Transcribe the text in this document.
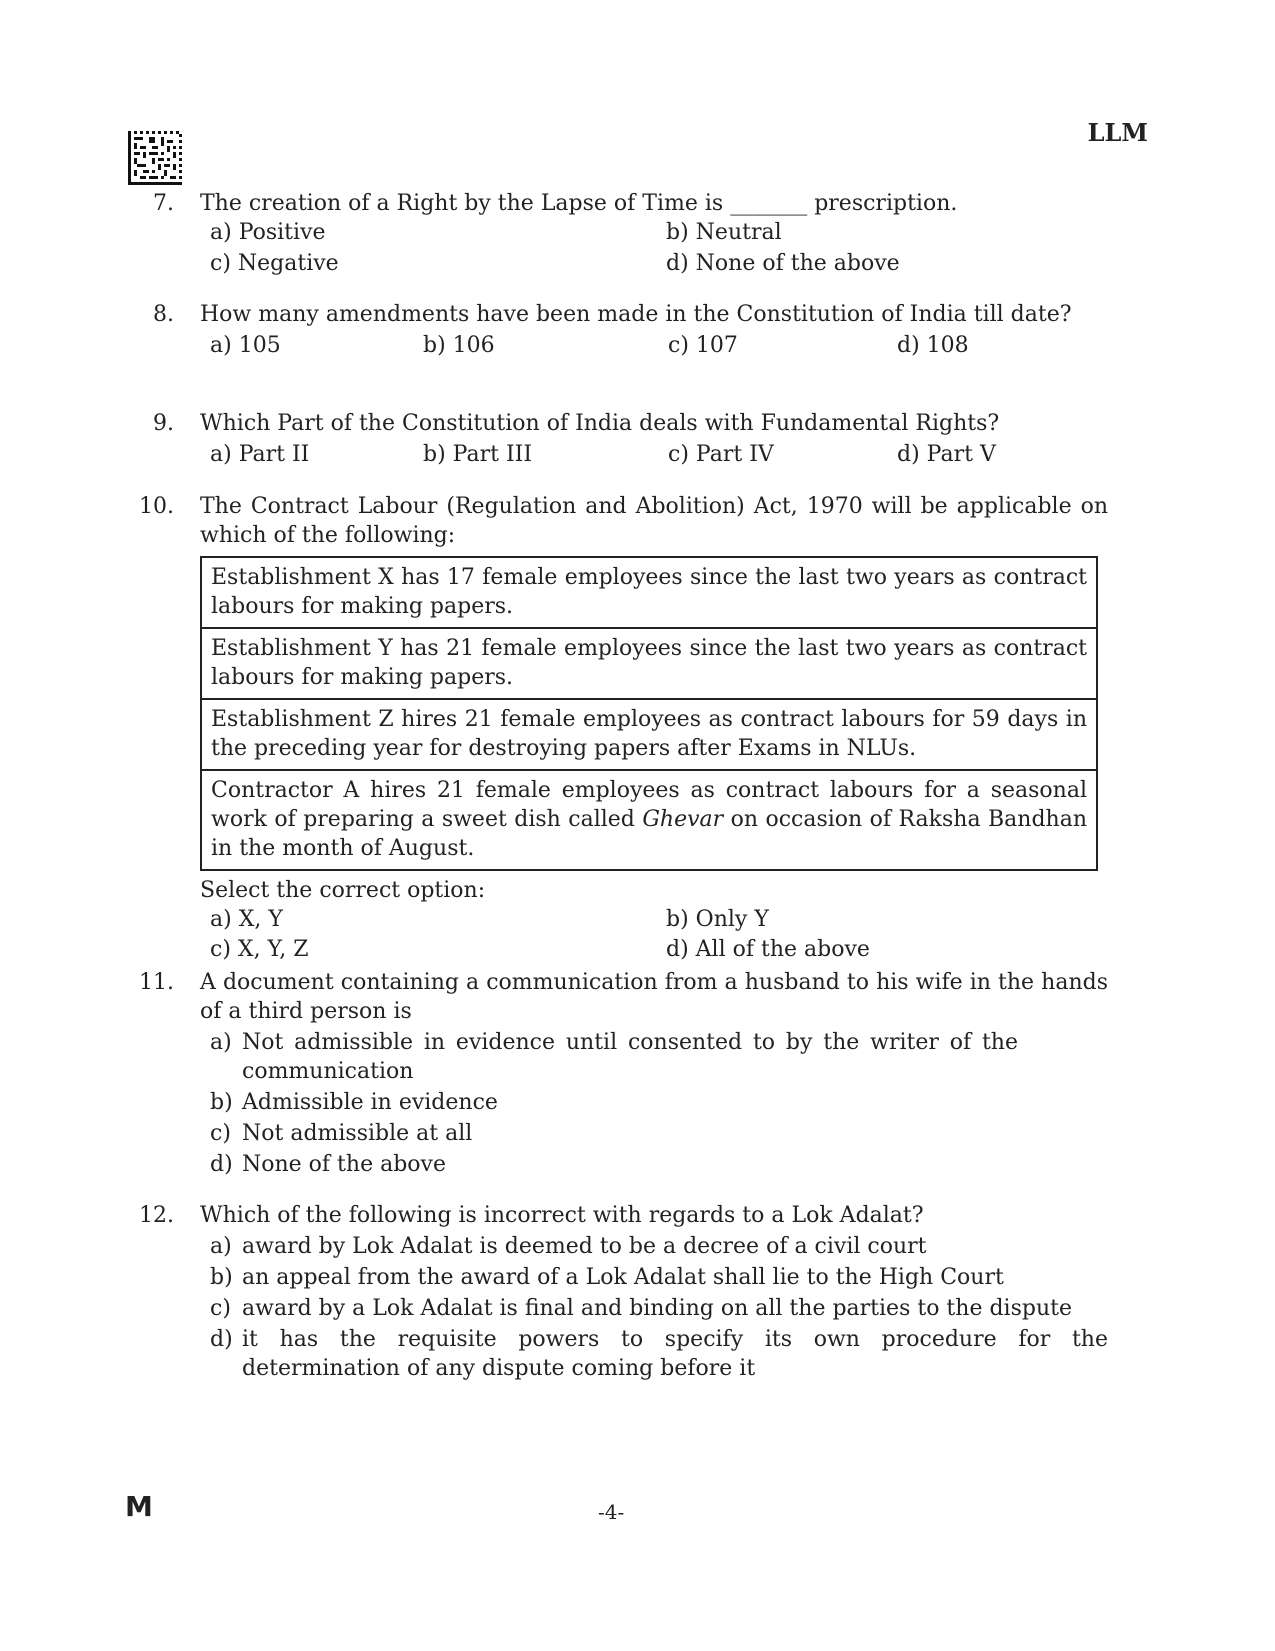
LLM
7. The creation of a Right by the Lapse of Time is _______ prescription.
a) Positive	b) Neutral
c) Negative	d) None of the above
8. How many amendments have been made in the Constitution of India till date?
a) 105	b) 106	c) 107	d) 108
9. Which Part of the Constitution of India deals with Fundamental Rights?
a) Part II	b) Part III	c) Part IV	d) Part V
10. The Contract Labour (Regulation and Abolition) Act, 1970 will be applicable on which of the following:
Establishment X has 17 female employees since the last two years as contract labours for making papers.
Establishment Y has 21 female employees since the last two years as contract labours for making papers.
Establishment Z hires 21 female employees as contract labours for 59 days in the preceding year for destroying papers after Exams in NLUs.
Contractor A hires 21 female employees as contract labours for a seasonal work of preparing a sweet dish called Ghevar on occasion of Raksha Bandhan in the month of August.
Select the correct option:
a) X, Y	b) Only Y
c) X, Y, Z	d) All of the above
11. A document containing a communication from a husband to his wife in the hands of a third person is
a) Not admissible in evidence until consented to by the writer of the communication
b) Admissible in evidence
c) Not admissible at all
d) None of the above
12. Which of the following is incorrect with regards to a Lok Adalat?
a) award by Lok Adalat is deemed to be a decree of a civil court
b) an appeal from the award of a Lok Adalat shall lie to the High Court
c) award by a Lok Adalat is final and binding on all the parties to the dispute
d) it has the requisite powers to specify its own procedure for the determination of any dispute coming before it
M	-4-
